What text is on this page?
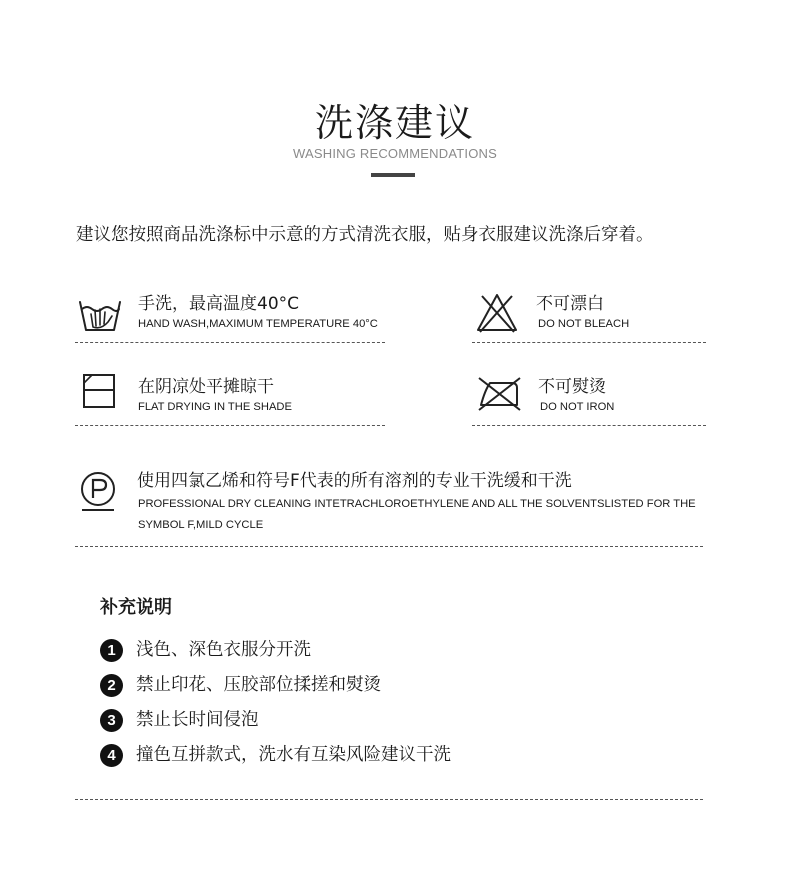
洗涤建议
WASHING RECOMMENDATIONS
建议您按照商品洗涤标中示意的方式清洗衣服，贴身衣服建议洗涤后穿着。
手洗，最高温度40°C
HAND WASH,MAXIMUM TEMPERATURE 40°C
不可漂白
DO NOT BLEACH
在阴凉处平摊晾干
FLAT DRYING IN THE SHADE
不可熨烫
DO NOT IRON
使用四氯乙烯和符号F代表的所有溶剂的专业干洗缓和干洗
PROFESSIONAL DRY CLEANING INTETRACHLOROETHYLENE AND ALL THE SOLVENTSLISTED FOR THE
SYMBOL F,MILD CYCLE
补充说明
1	浅色、深色衣服分开洗
2	禁止印花、压胶部位揉搓和熨烫
3	禁止长时间侵泡
4	撞色互拼款式，洗水有互染风险建议干洗
